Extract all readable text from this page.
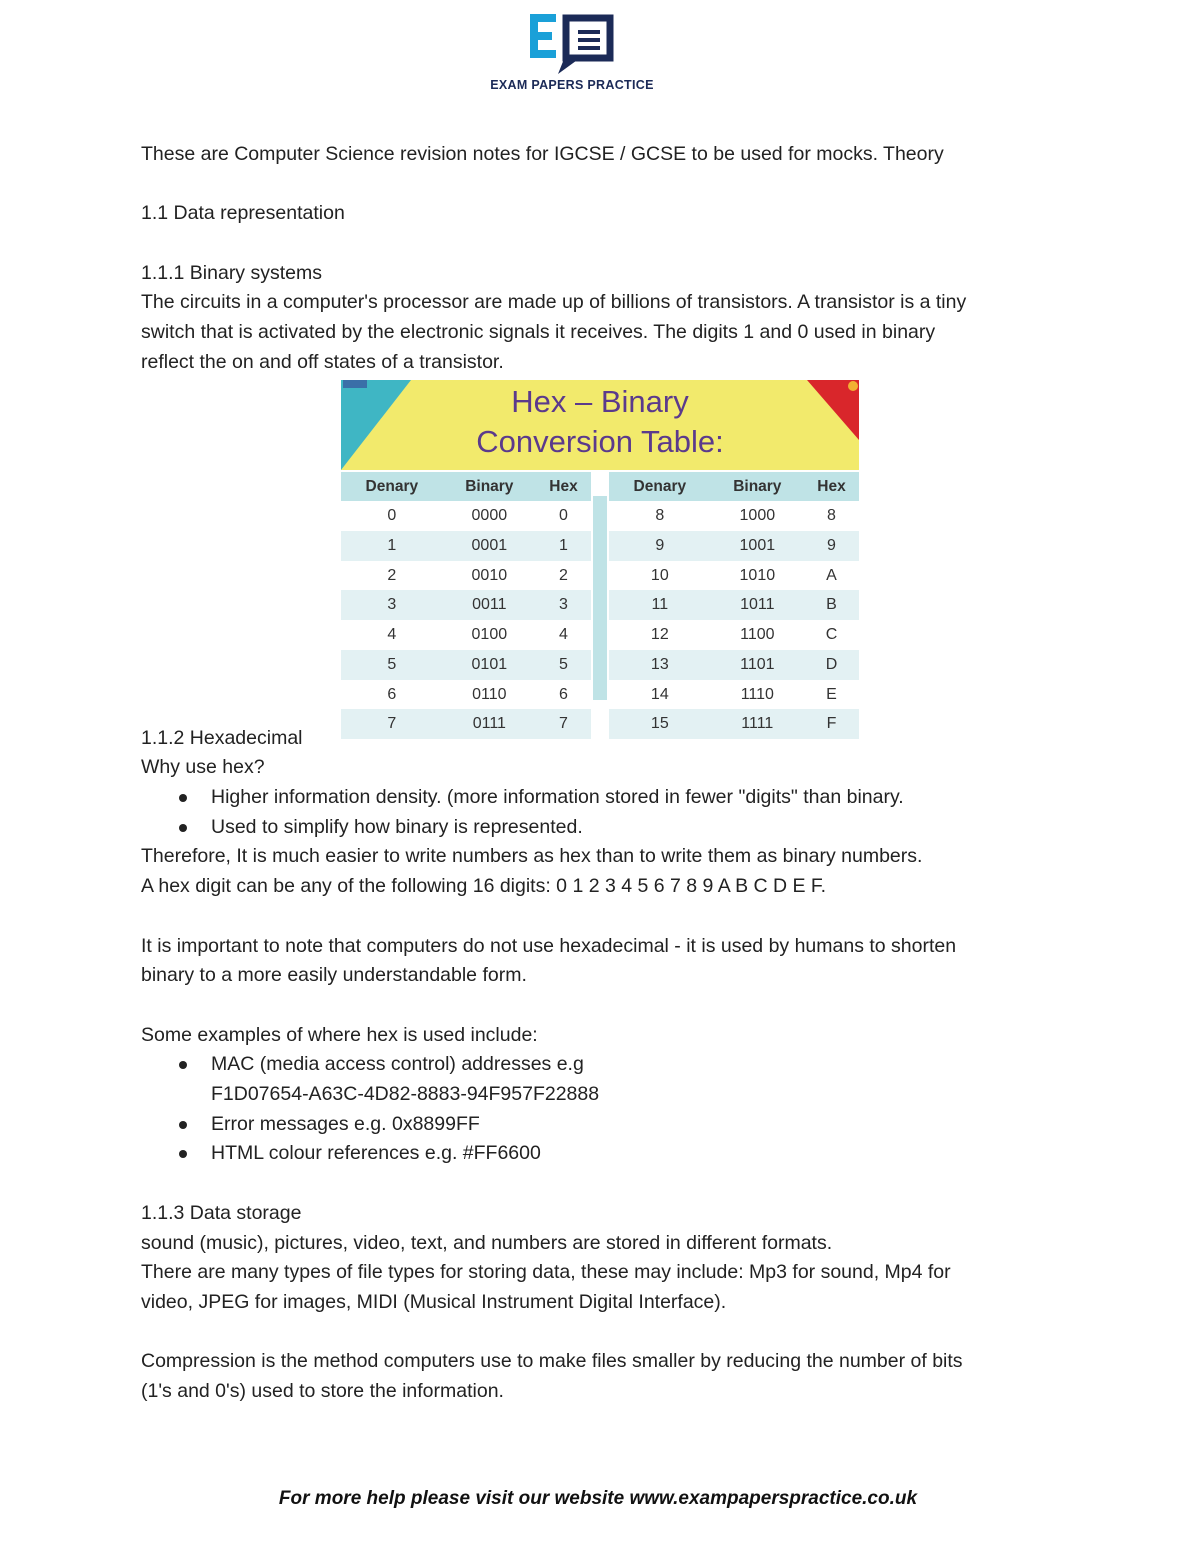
EXAM PAPERS PRACTICE

These are Computer Science revision notes for IGCSE / GCSE to be used for mocks. Theory

1.1 Data representation

1.1.1 Binary systems

The circuits in a computer's processor are made up of billions of transistors. A transistor is a tiny

switch that is activated by the electronic signals it receives. The digits 1 and 0 used in binary

reflect the on and off states of a transistor.

Hex – Binary
Conversion Table:
Denary	Binary	Hex
0	0000	0
1	0001	1
2	0010	2
3	0011	3
4	0100	4
5	0101	5
6	0110	6
7	0111	7
Denary	Binary	Hex
8	1000	8
9	1001	9
10	1010	A
11	1011	B
12	1100	C
13	1101	D
14	1110	E
15	1111	F

1.1.2 Hexadecimal

Why use hex?

Higher information density. (more information stored in fewer "digits" than binary.
Used to simplify how binary is represented.

Therefore, It is much easier to write numbers as hex than to write them as binary numbers.

A hex digit can be any of the following 16 digits: 0 1 2 3 4 5 6 7 8 9 A B C D E F.

It is important to note that computers do not use hexadecimal - it is used by humans to shorten

binary to a more easily understandable form.

Some examples of where hex is used include:

MAC (media access control) addresses e.g
F1D07654-A63C-4D82-8883-94F957F22888
Error messages e.g. 0x8899FF
HTML colour references e.g. #FF6600

1.1.3 Data storage

sound (music), pictures, video, text, and numbers are stored in different formats.

There are many types of file types for storing data, these may include: Mp3 for sound, Mp4 for

video, JPEG for images, MIDI (Musical Instrument Digital Interface).

Compression is the method computers use to make files smaller by reducing the number of bits

(1's and 0's) used to store the information.

For more help please visit our website www.exampaperspractice.co.uk
